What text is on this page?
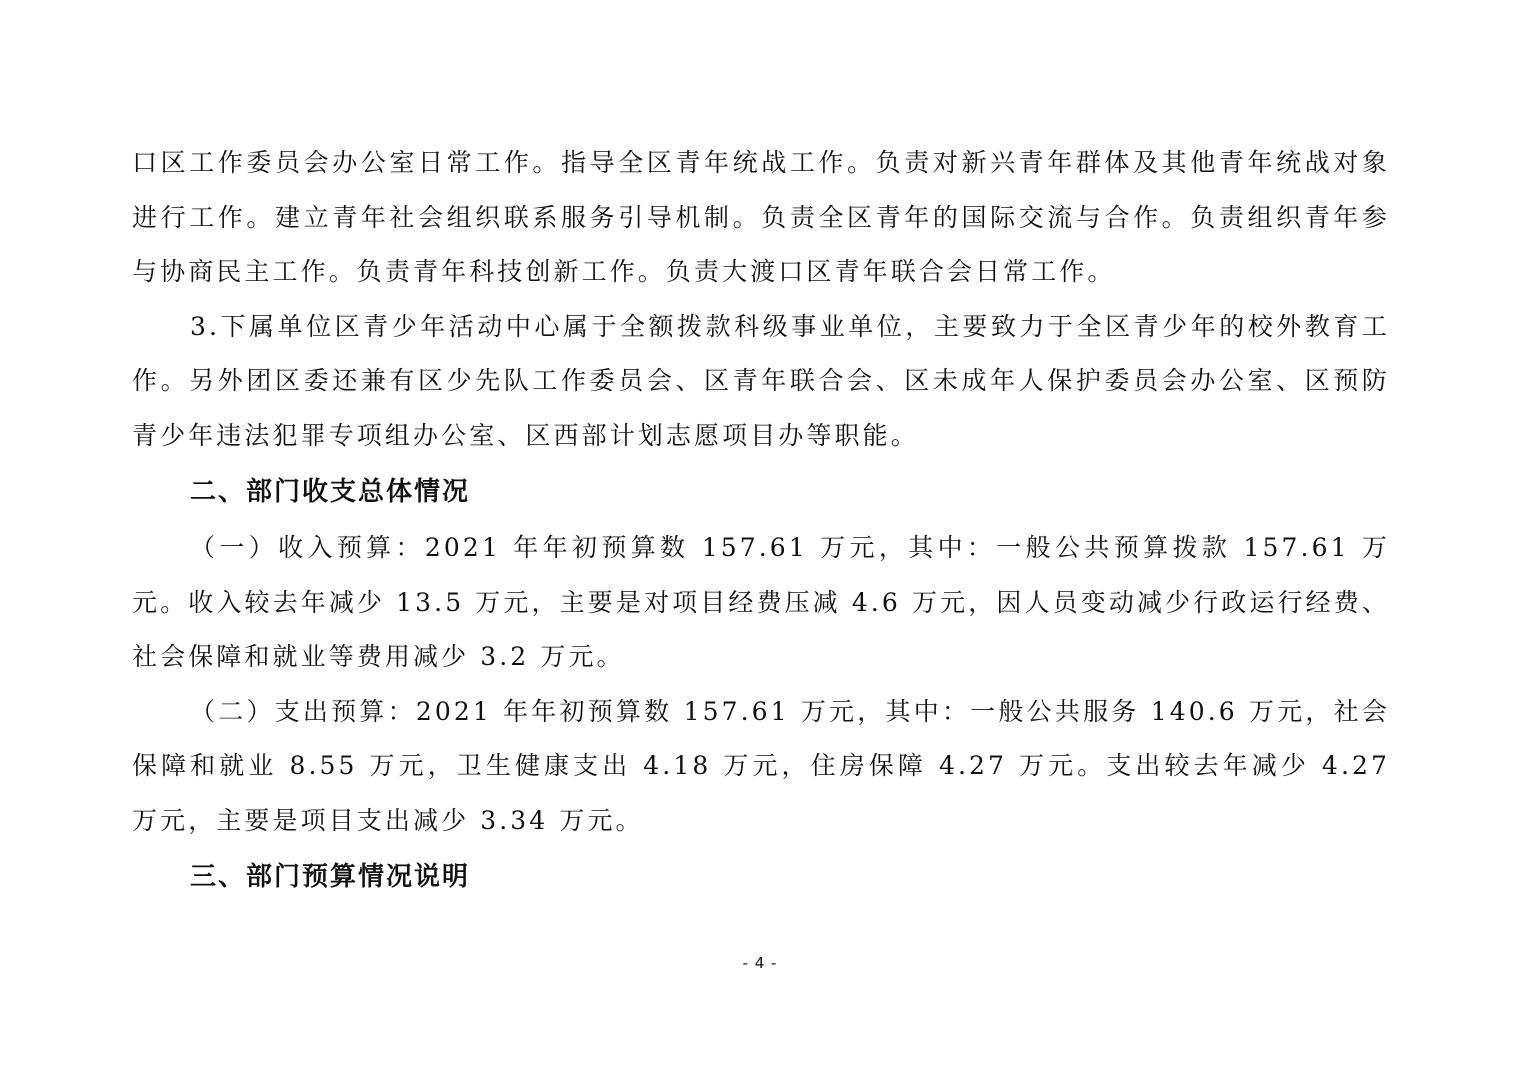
口区工作委员会办公室日常工作。指导全区青年统战工作。负责对新兴青年群体及其他青年统战对象进行工作。建立青年社会组织联系服务引导机制。负责全区青年的国际交流与合作。负责组织青年参与协商民主工作。负责青年科技创新工作。负责大渡口区青年联合会日常工作。

3.下属单位区青少年活动中心属于全额拨款科级事业单位，主要致力于全区青少年的校外教育工作。另外团区委还兼有区少先队工作委员会、区青年联合会、区未成年人保护委员会办公室、区预防青少年违法犯罪专项组办公室、区西部计划志愿项目办等职能。

二、部门收支总体情况

（一）收入预算：2021 年年初预算数 157.61 万元，其中：一般公共预算拨款 157.61 万元。收入较去年减少 13.5 万元，主要是对项目经费压减 4.6 万元，因人员变动减少行政运行经费、社会保障和就业等费用减少 3.2 万元。

（二）支出预算：2021 年年初预算数 157.61 万元，其中：一般公共服务 140.6 万元，社会保障和就业 8.55 万元，卫生健康支出 4.18 万元，住房保障 4.27 万元。支出较去年减少 4.27 万元，主要是项目支出减少 3.34 万元。

三、部门预算情况说明
- 4 -
